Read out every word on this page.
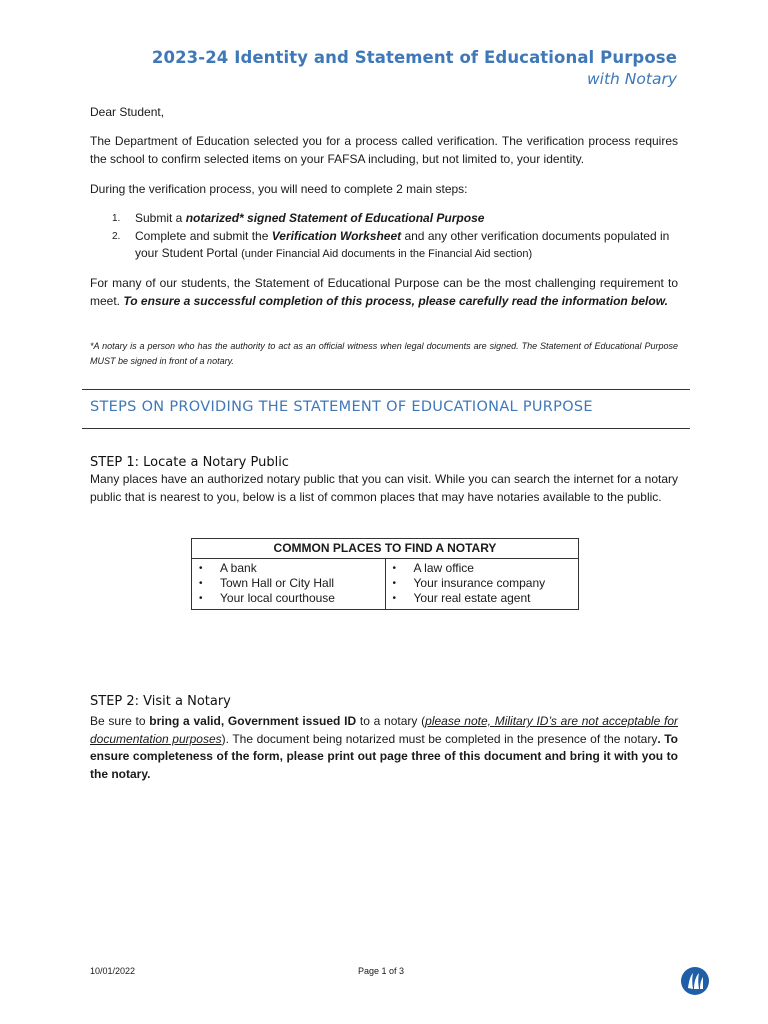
2023-24 Identity and Statement of Educational Purpose
with Notary
Dear Student,
The Department of Education selected you for a process called verification. The verification process requires the school to confirm selected items on your FAFSA including, but not limited to, your identity.
During the verification process, you will need to complete 2 main steps:
1. Submit a notarized* signed Statement of Educational Purpose
2. Complete and submit the Verification Worksheet and any other verification documents populated in your Student Portal (under Financial Aid documents in the Financial Aid section)
For many of our students, the Statement of Educational Purpose can be the most challenging requirement to meet. To ensure a successful completion of this process, please carefully read the information below.
*A notary is a person who has the authority to act as an official witness when legal documents are signed. The Statement of Educational Purpose MUST be signed in front of a notary.
STEPS ON PROVIDING THE STATEMENT OF EDUCATIONAL PURPOSE
STEP 1: Locate a Notary Public
Many places have an authorized notary public that you can visit. While you can search the internet for a notary public that is nearest to you, below is a list of common places that may have notaries available to the public.
COMMON PLACES TO FIND A NOTARY

• A bank
• Town Hall or City Hall
• Your local courthouse

• A law office
• Your insurance company
• Your real estate agent
STEP 2: Visit a Notary
Be sure to bring a valid, Government issued ID to a notary (please note, Military ID’s are not acceptable for documentation purposes). The document being notarized must be completed in the presence of the notary. To ensure completeness of the form, please print out page three of this document and bring it with you to the notary.
10/01/2022	Page 1 of 3
